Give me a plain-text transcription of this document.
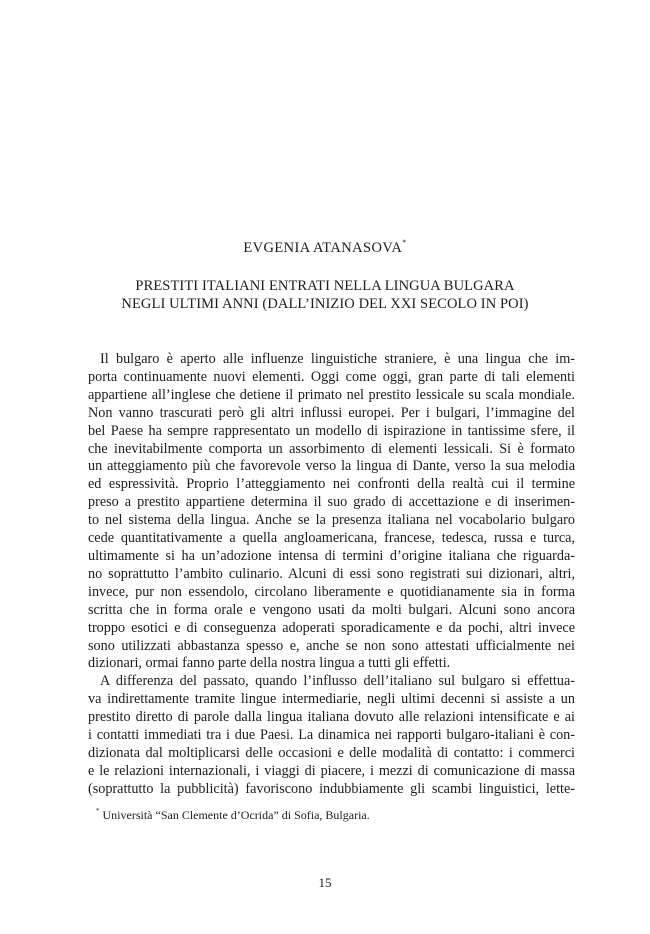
EVGENIA ATANASOVA*
PRESTITI ITALIANI ENTRATI NELLA LINGUA BULGARA
NEGLI ULTIMI ANNI (DALL’INIZIO DEL XXI SECOLO IN POI)
Il bulgaro è aperto alle influenze linguistiche straniere, è una lingua che im-
porta continuamente nuovi elementi. Oggi come oggi, gran parte di tali elementi
appartiene all’inglese che detiene il primato nel prestito lessicale su scala mondiale.
Non vanno trascurati però gli altri influssi europei. Per i bulgari, l’immagine del
bel Paese ha sempre rappresentato un modello di ispirazione in tantissime sfere, il
che inevitabilmente comporta un assorbimento di elementi lessicali. Si è formato
un atteggiamento più che favorevole verso la lingua di Dante, verso la sua melodia
ed espressività. Proprio l’atteggiamento nei confronti della realtà cui il termine
preso a prestito appartiene determina il suo grado di accettazione e di inserimen-
to nel sistema della lingua. Anche se la presenza italiana nel vocabolario bulgaro
cede quantitativamente a quella angloamericana, francese, tedesca, russa e turca,
ultimamente si ha un’adozione intensa di termini d’origine italiana che riguarda-
no soprattutto l’ambito culinario. Alcuni di essi sono registrati sui dizionari, altri,
invece, pur non essendolo, circolano liberamente e quotidianamente sia in forma
scritta che in forma orale e vengono usati da molti bulgari. Alcuni sono ancora
troppo esotici e di conseguenza adoperati sporadicamente e da pochi, altri invece
sono utilizzati abbastanza spesso e, anche se non sono attestati ufficialmente nei
dizionari, ormai fanno parte della nostra lingua a tutti gli effetti.
A differenza del passato, quando l’influsso dell’italiano sul bulgaro si effettua-
va indirettamente tramite lingue intermediarie, negli ultimi decenni si assiste a un
prestito diretto di parole dalla lingua italiana dovuto alle relazioni intensificate e ai
i contatti immediati tra i due Paesi. La dinamica nei rapporti bulgaro-italiani è con-
dizionata dal moltiplicarsi delle occasioni e delle modalità di contatto: i commerci
e le relazioni internazionali, i viaggi di piacere, i mezzi di comunicazione di massa
(soprattutto la pubblicità) favoriscono indubbiamente gli scambi linguistici, lette-
* Università “San Clemente d’Ocrida” di Sofia, Bulgaria.
15
